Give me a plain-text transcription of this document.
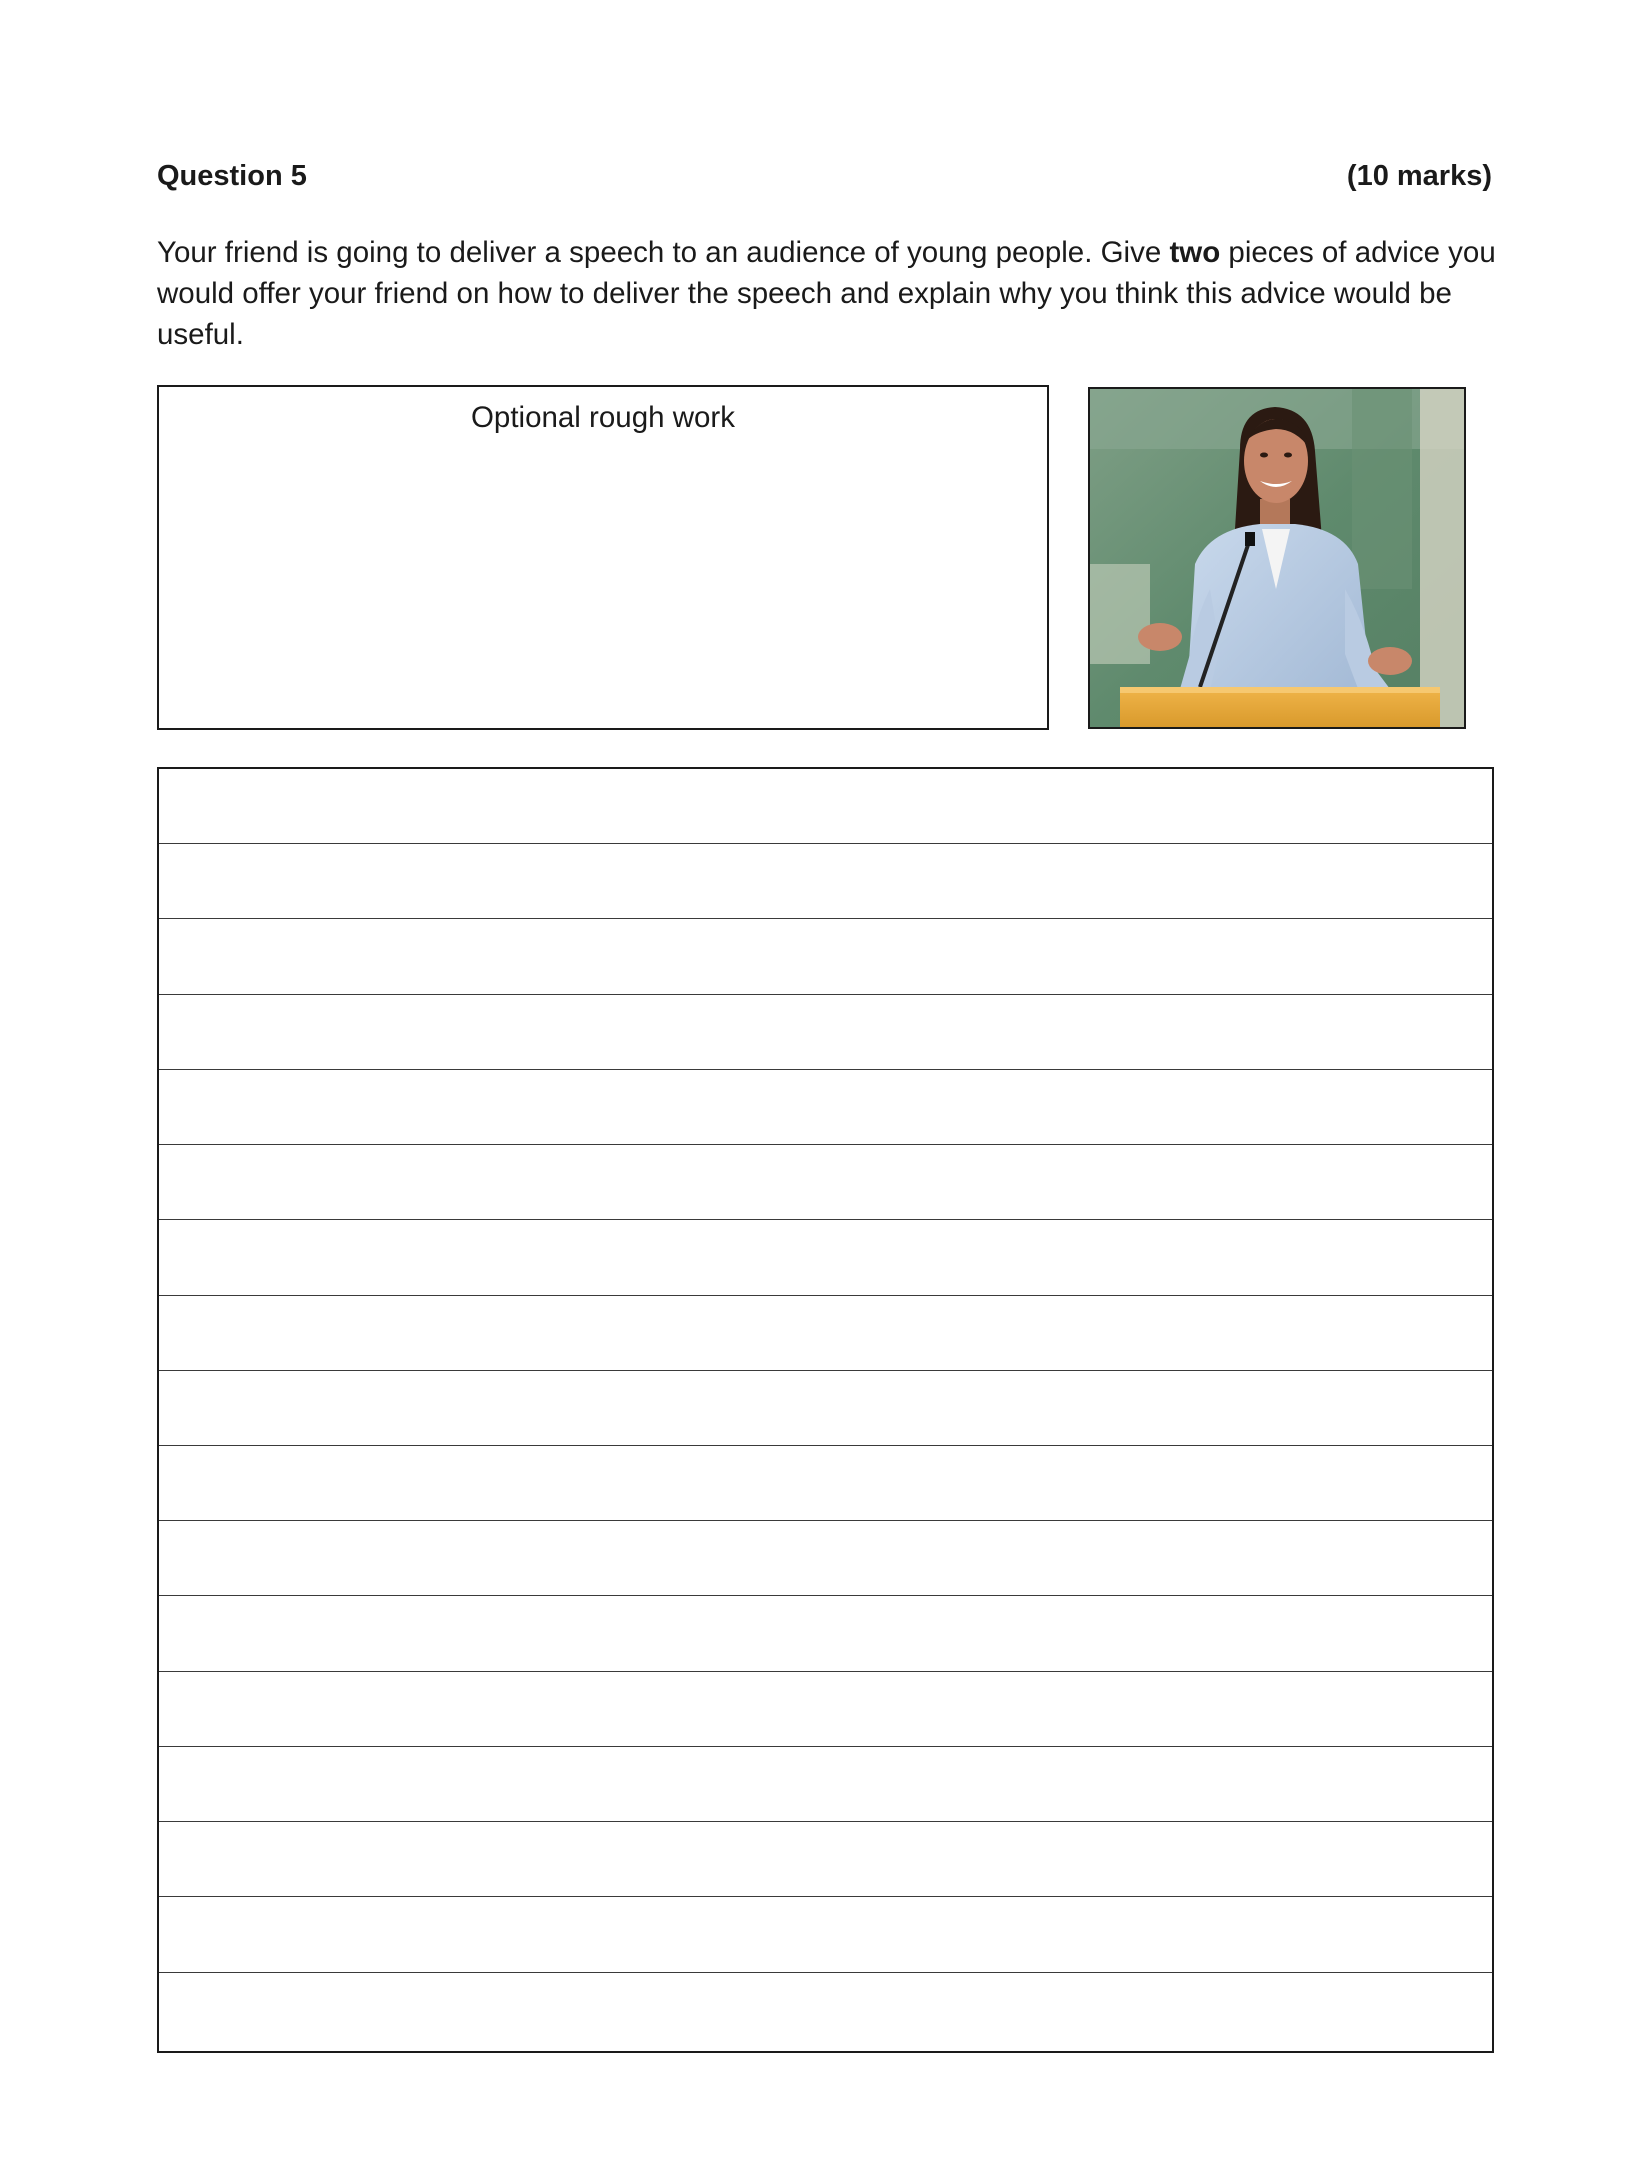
Question 5	(10 marks)
Your friend is going to deliver a speech to an audience of young people. Give two pieces of advice you would offer your friend on how to deliver the speech and explain why you think this advice would be useful.
Optional rough work
